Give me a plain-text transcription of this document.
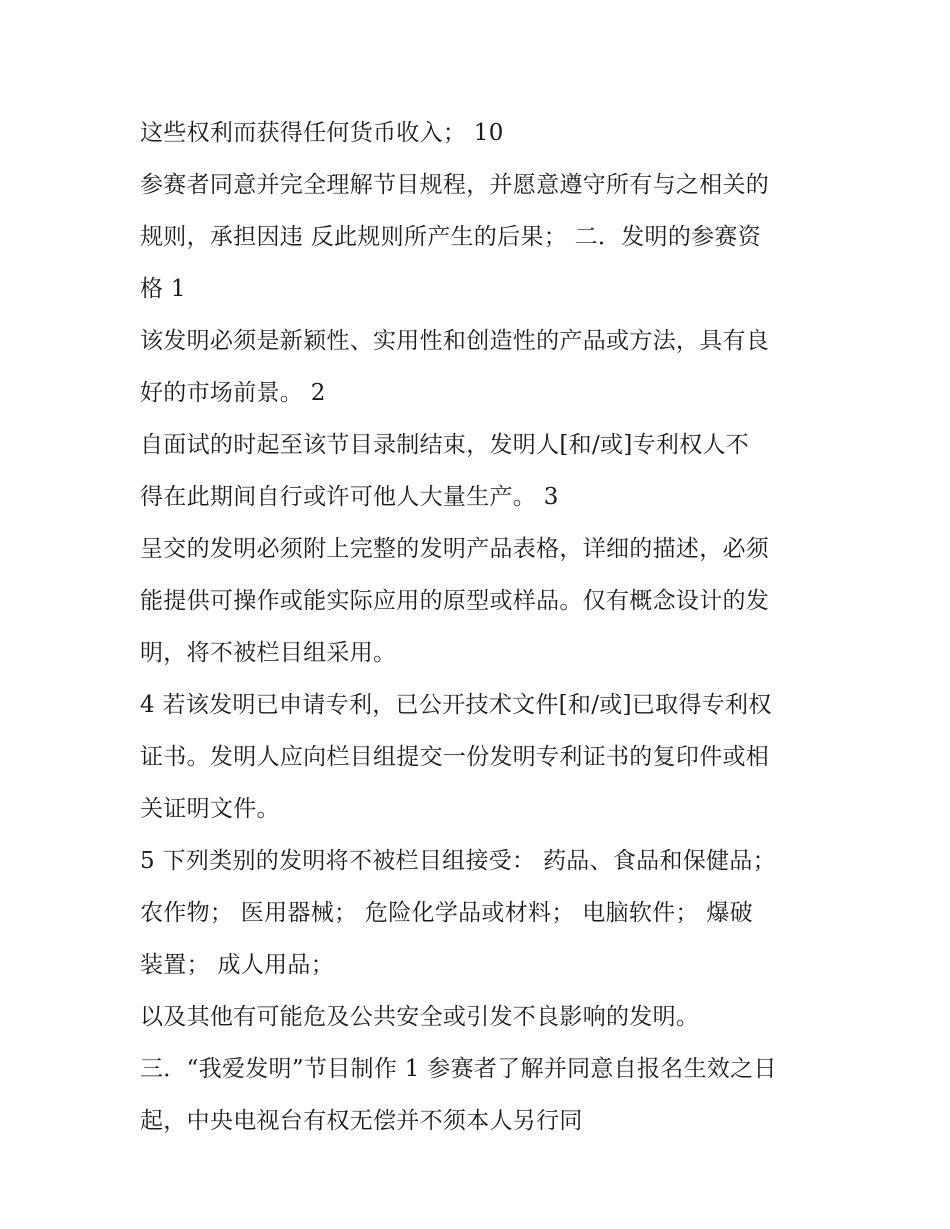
这些权利而获得任何货币收入； 10
参赛者同意并完全理解节目规程，并愿意遵守所有与之相关的
规则，承担因违 反此规则所产生的后果； 二．发明的参赛资
格 1
该发明必须是新颖性、实用性和创造性的产品或方法，具有良
好的市场前景。 2
自面试的时起至该节目录制结束，发明人[和/或]专利权人不
得在此期间自行或许可他人大量生产。 3
呈交的发明必须附上完整的发明产品表格，详细的描述，必须
能提供可操作或能实际应用的原型或样品。仅有概念设计的发
明，将不被栏目组采用。
4 若该发明已申请专利，已公开技术文件[和/或]已取得专利权
证书。发明人应向栏目组提交一份发明专利证书的复印件或相
关证明文件。
5 下列类别的发明将不被栏目组接受： 药品、食品和保健品；
农作物； 医用器械； 危险化学品或材料； 电脑软件； 爆破
装置； 成人用品；
以及其他有可能危及公共安全或引发不良影响的发明。
三．“我爱发明”节目制作 1 参赛者了解并同意自报名生效之日
起，中央电视台有权无偿并不须本人另行同
